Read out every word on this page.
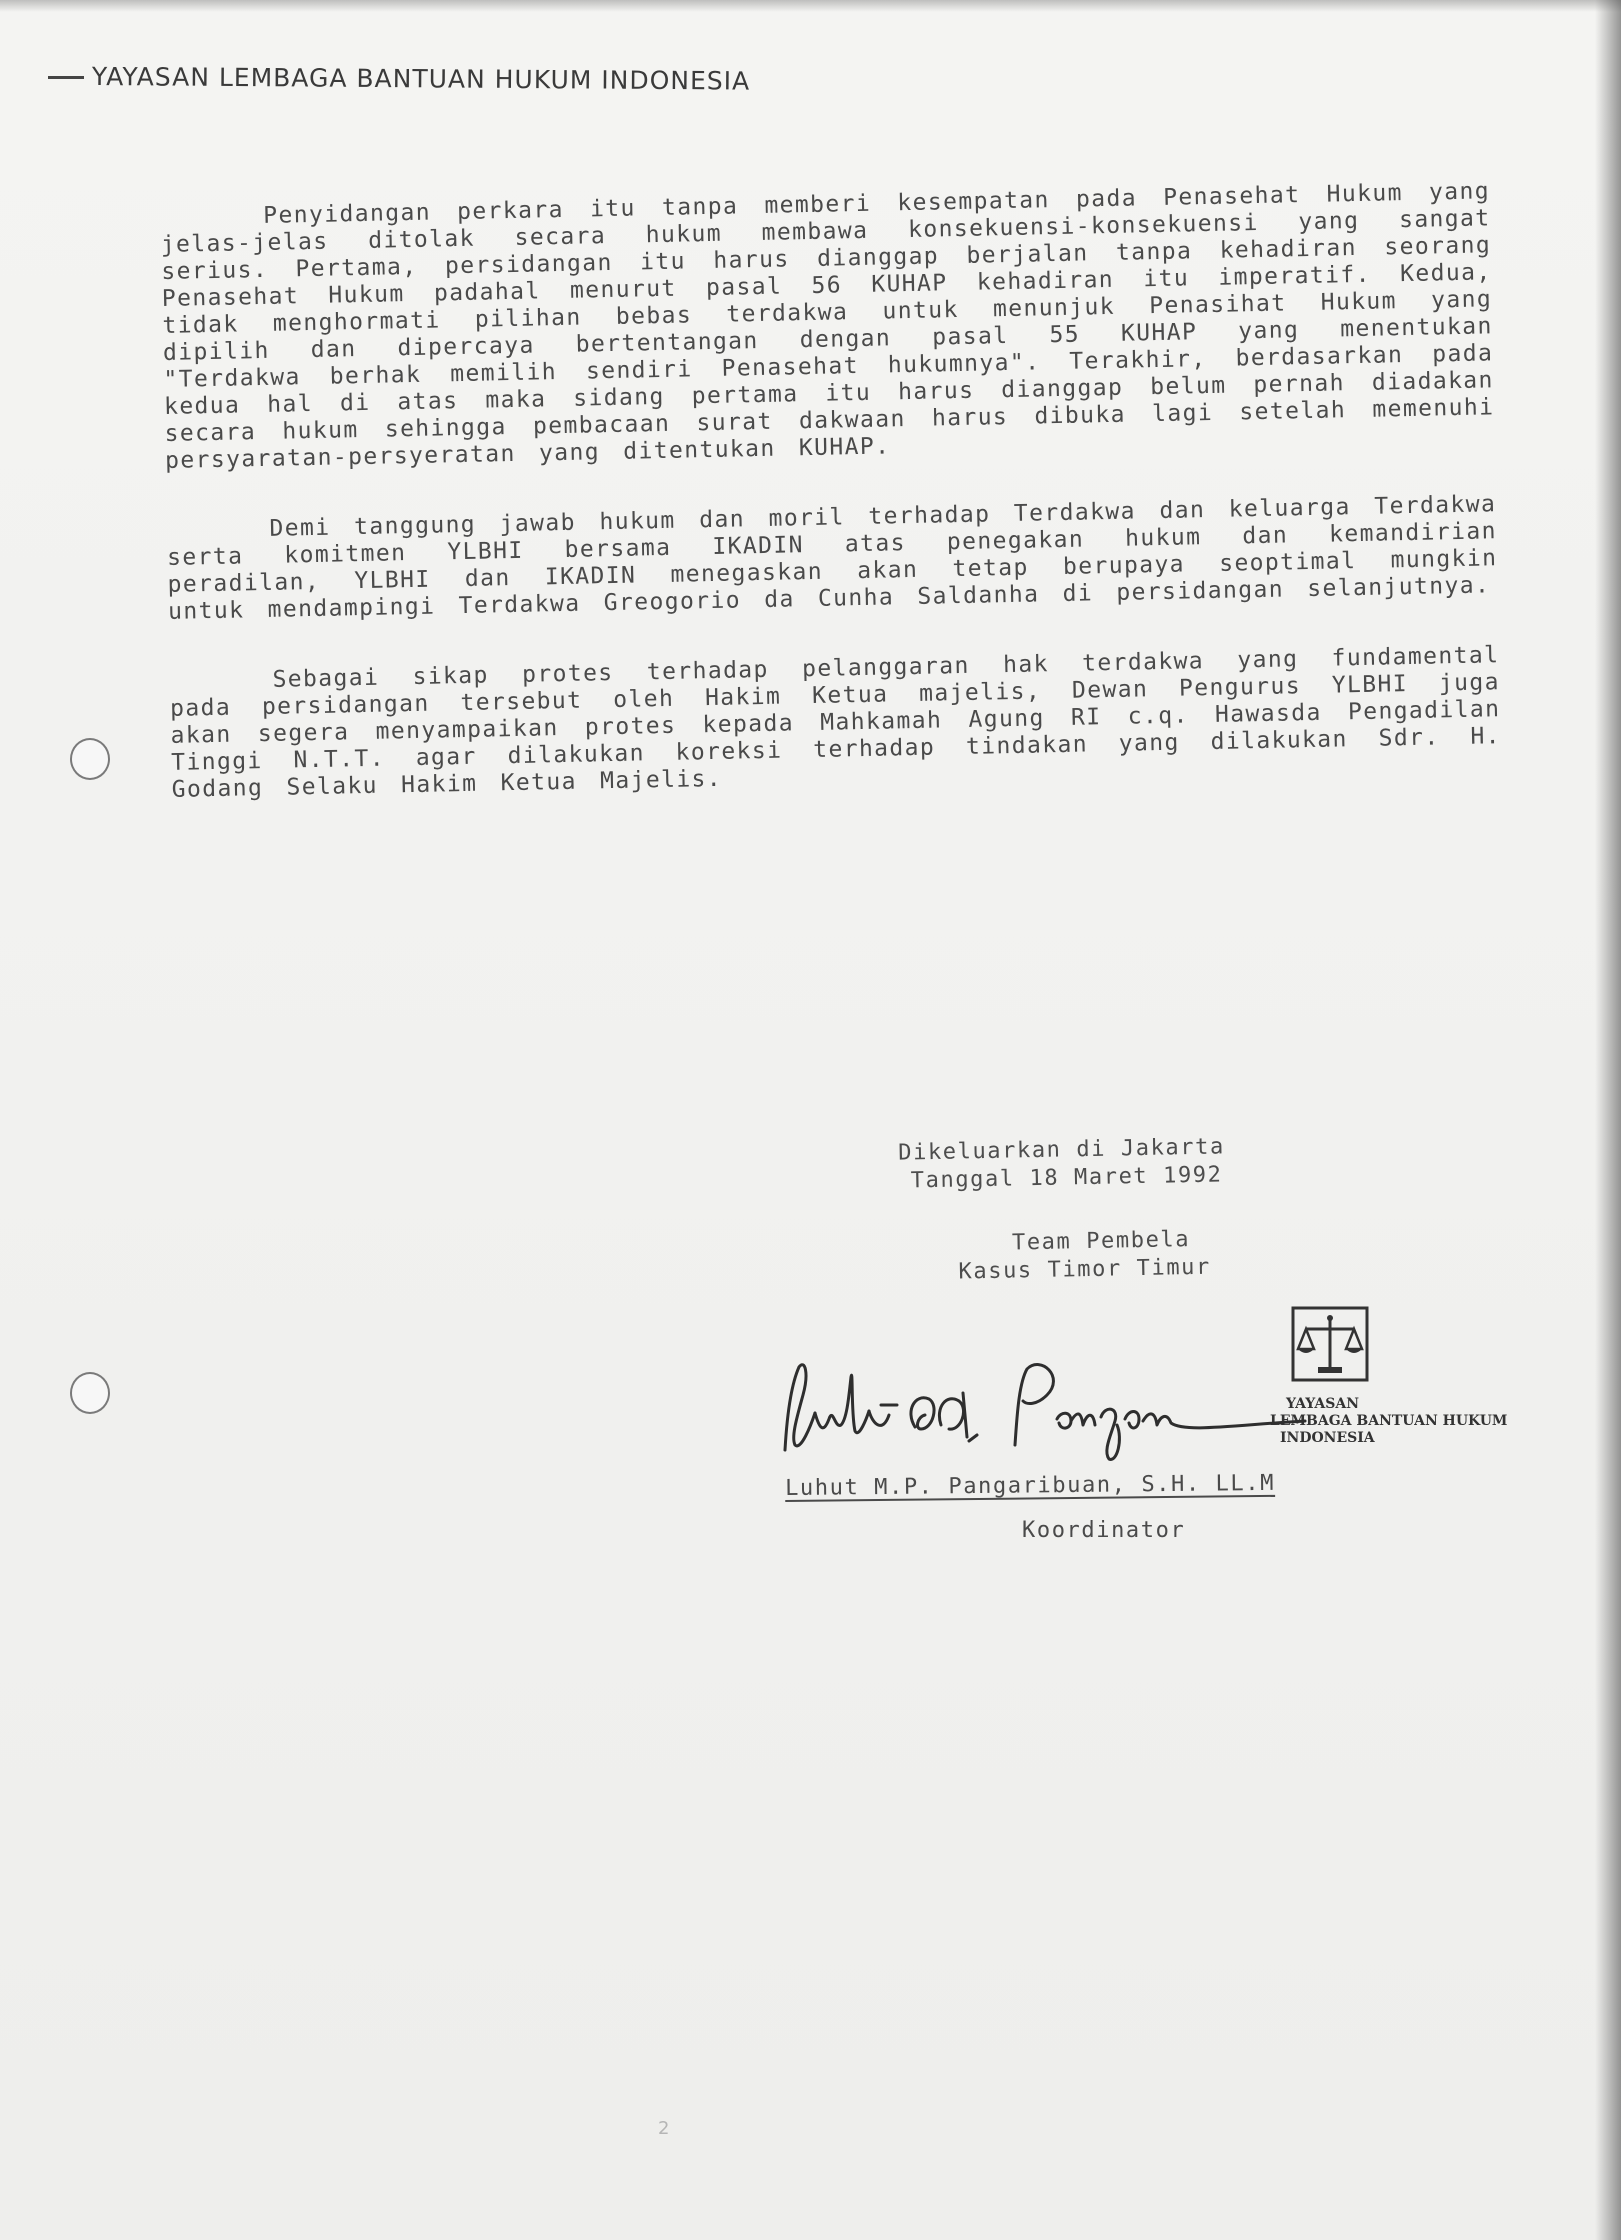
YAYASAN LEMBAGA BANTUAN HUKUM INDONESIA

Penyidangan perkara itu tanpa memberi kesempatan pada Penasehat Hukum yang jelas-jelas ditolak secara hukum membawa konsekuensi-konsekuensi yang sangat serius. Pertama, persidangan itu harus dianggap berjalan tanpa kehadiran seorang Penasehat Hukum padahal menurut pasal 56 KUHAP kehadiran itu imperatif. Kedua, tidak menghormati pilihan bebas terdakwa untuk menunjuk Penasihat Hukum yang dipilih dan dipercaya bertentangan dengan pasal 55 KUHAP yang menentukan "Terdakwa berhak memilih sendiri Penasehat hukumnya". Terakhir, berdasarkan pada kedua hal di atas maka sidang pertama itu harus dianggap belum pernah diadakan secara hukum sehingga pembacaan surat dakwaan harus dibuka lagi setelah memenuhi persyaratan-persyeratan yang ditentukan KUHAP.

Demi tanggung jawab hukum dan moril terhadap Terdakwa dan keluarga Terdakwa serta komitmen YLBHI bersama IKADIN atas penegakan hukum dan kemandirian peradilan, YLBHI dan IKADIN menegaskan akan tetap berupaya seoptimal mungkin untuk mendampingi Terdakwa Greogorio da Cunha Saldanha di persidangan selanjutnya.

Sebagai sikap protes terhadap pelanggaran hak terdakwa yang fundamental pada persidangan tersebut oleh Hakim Ketua majelis, Dewan Pengurus YLBHI juga akan segera menyampaikan protes kepada Mahkamah Agung RI c.q. Hawasda Pengadilan Tinggi N.T.T. agar dilakukan koreksi terhadap tindakan yang dilakukan Sdr. H. Godang Selaku Hakim Ketua Majelis.

Dikeluarkan di Jakarta
Tanggal 18 Maret 1992
Team Pembela
Kasus Timor Timur
YAYASAN
LEMBAGA BANTUAN HUKUM
INDONESIA
Luhut M.P. Pangaribuan, S.H. LL.M
Koordinator
2
